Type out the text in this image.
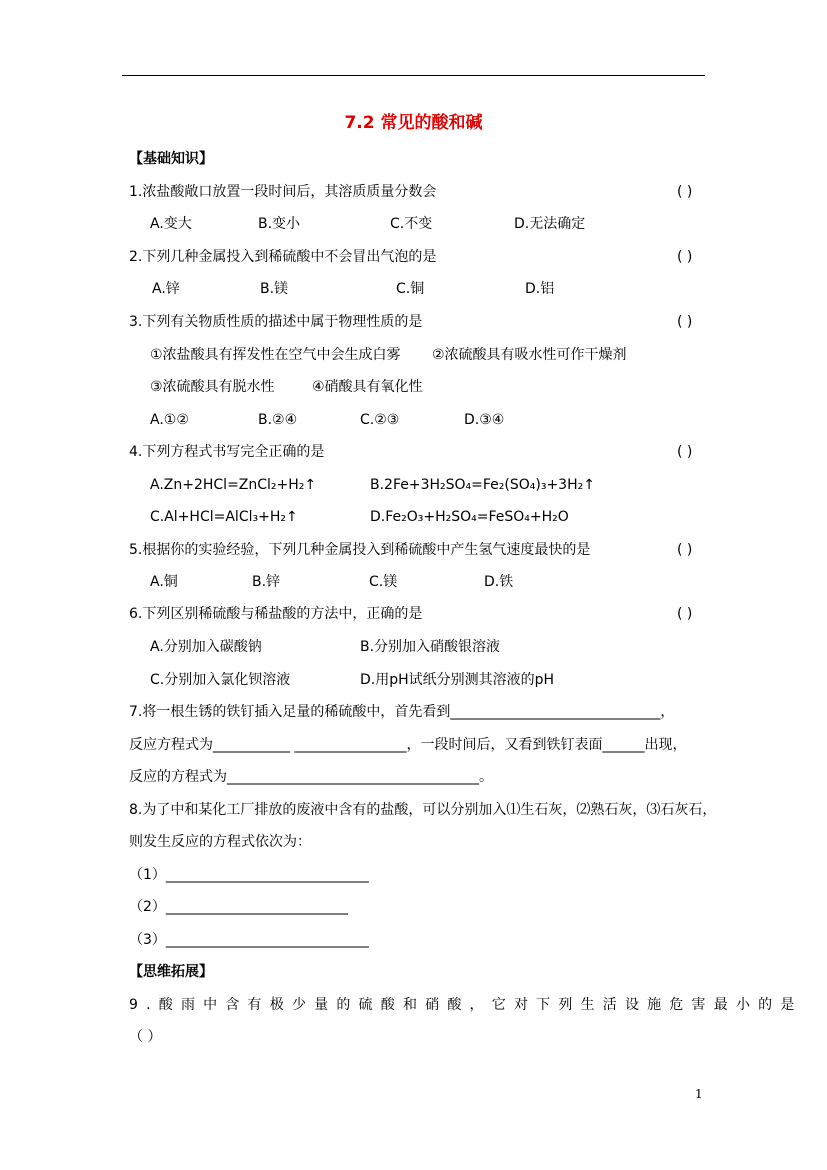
7.2 常见的酸和碱
【基础知识】
1.浓盐酸敞口放置一段时间后，其溶质质量分数会	( )
A.变大	B.变小	C.不变	D.无法确定
2.下列几种金属投入到稀硫酸中不会冒出气泡的是	( )
A.锌	B.镁	C.铜	D.铝
3.下列有关物质性质的描述中属于物理性质的是	( )
①浓盐酸具有挥发性在空气中会生成白雾 ②浓硫酸具有吸水性可作干燥剂
③浓硫酸具有脱水性	④硝酸具有氧化性
A.①②	B.②④	C.②③	D.③④
4.下列方程式书写完全正确的是	( )
A.Zn+2HCl=ZnCl₂+H₂↑	B.2Fe+3H₂SO₄=Fe₂(SO₄)₃+3H₂↑
C.Al+HCl=AlCl₃+H₂↑	D.Fe₂O₃+H₂SO₄=FeSO₄+H₂O
5.根据你的实验经验，下列几种金属投入到稀硫酸中产生氢气速度最快的是	( )
A.铜	B.锌	C.镁	D.铁
6.下列区别稀硫酸与稀盐酸的方法中，正确的是	( )
A.分别加入碳酸钠	B.分别加入硝酸银溶液
C.分别加入氯化钡溶液	D.用pH试纸分别测其溶液的pH
7.将一根生锈的铁钉插入足量的稀硫酸中，首先看到______________________________，
反应方程式为___________ ________________，一段时间后，又看到铁钉表面______出现，
反应的方程式为____________________________________。
8.为了中和某化工厂排放的废液中含有的盐酸，可以分别加入⑴生石灰，⑵熟石灰，⑶石灰石，
则发生反应的方程式依次为：
（1）_____________________________
（2）__________________________
（3）_____________________________
【思维拓展】
9.酸雨中含有极少量的硫酸和硝酸，它对下列生活设施危害最小的是
（ ）
1
